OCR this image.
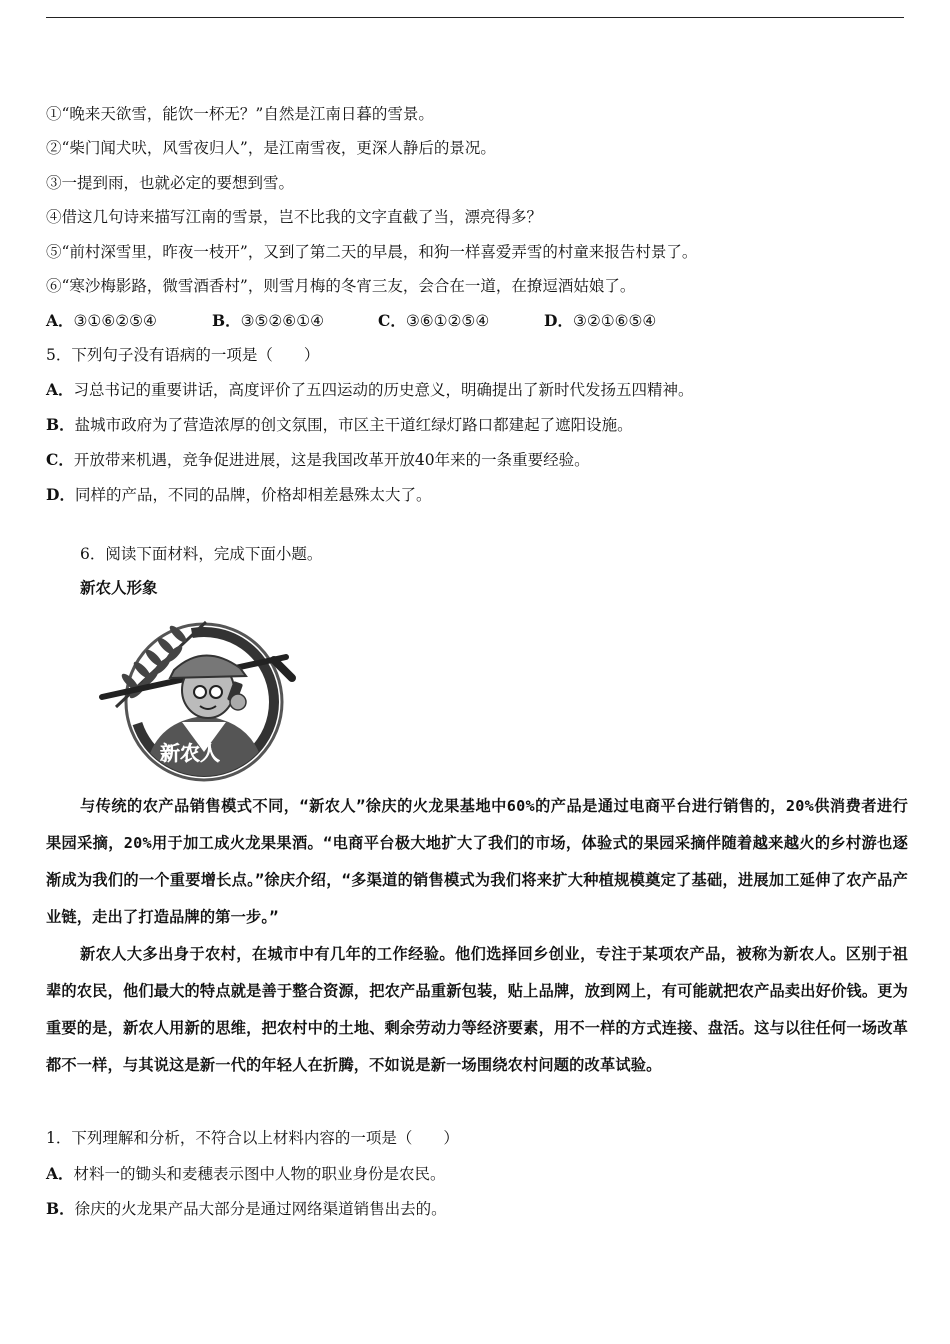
①“晚来天欲雪，能饮一杯无？”自然是江南日暮的雪景。
②“柴门闻犬吠，风雪夜归人”，是江南雪夜，更深人静后的景况。
③一提到雨，也就必定的要想到雪。
④借这几句诗来描写江南的雪景，岂不比我的文字直截了当，漂亮得多？
⑤“前村深雪里，昨夜一枝开”，又到了第二天的早晨，和狗一样喜爱弄雪的村童来报告村景了。
⑥“寒沙梅影路，微雪酒香村”，则雪月梅的冬宵三友，会合在一道，在撩逗酒姑娘了。
A．③①⑥②⑤④	B．③⑤②⑥①④	C．③⑥①②⑤④	D．③②①⑥⑤④
5．下列句子没有语病的一项是（　　）
A．习总书记的重要讲话，高度评价了五四运动的历史意义，明确提出了新时代发扬五四精神。
B．盐城市政府为了营造浓厚的创文氛围，市区主干道红绿灯路口都建起了遮阳设施。
C．开放带来机遇，竞争促进进展，这是我国改革开放40年来的一条重要经验。
D．同样的产品，不同的品牌，价格却相差悬殊太大了。
6．阅读下面材料，完成下面小题。
新农人形象
新农人

与传统的农产品销售模式不同，“新农人”徐庆的火龙果基地中60%的产品是通过电商平台进行销售的，20%供消费者进行果园采摘，20%用于加工成火龙果果酒。“电商平台极大地扩大了我们的市场，体验式的果园采摘伴随着越来越火的乡村游也逐渐成为我们的一个重要增长点。”徐庆介绍，“多渠道的销售模式为我们将来扩大种植规模奠定了基础，进展加工延伸了农产品产业链，走出了打造品牌的第一步。”

新农人大多出身于农村，在城市中有几年的工作经验。他们选择回乡创业，专注于某项农产品，被称为新农人。区别于祖辈的农民，他们最大的特点就是善于整合资源，把农产品重新包装，贴上品牌，放到网上，有可能就把农产品卖出好价钱。更为重要的是，新农人用新的思维，把农村中的土地、剩余劳动力等经济要素，用不一样的方式连接、盘活。这与以往任何一场改革都不一样，与其说这是新一代的年轻人在折腾，不如说是新一场围绕农村问题的改革试验。

1．下列理解和分析，不符合以上材料内容的一项是（　　）
A．材料一的锄头和麦穗表示图中人物的职业身份是农民。
B．徐庆的火龙果产品大部分是通过网络渠道销售出去的。
